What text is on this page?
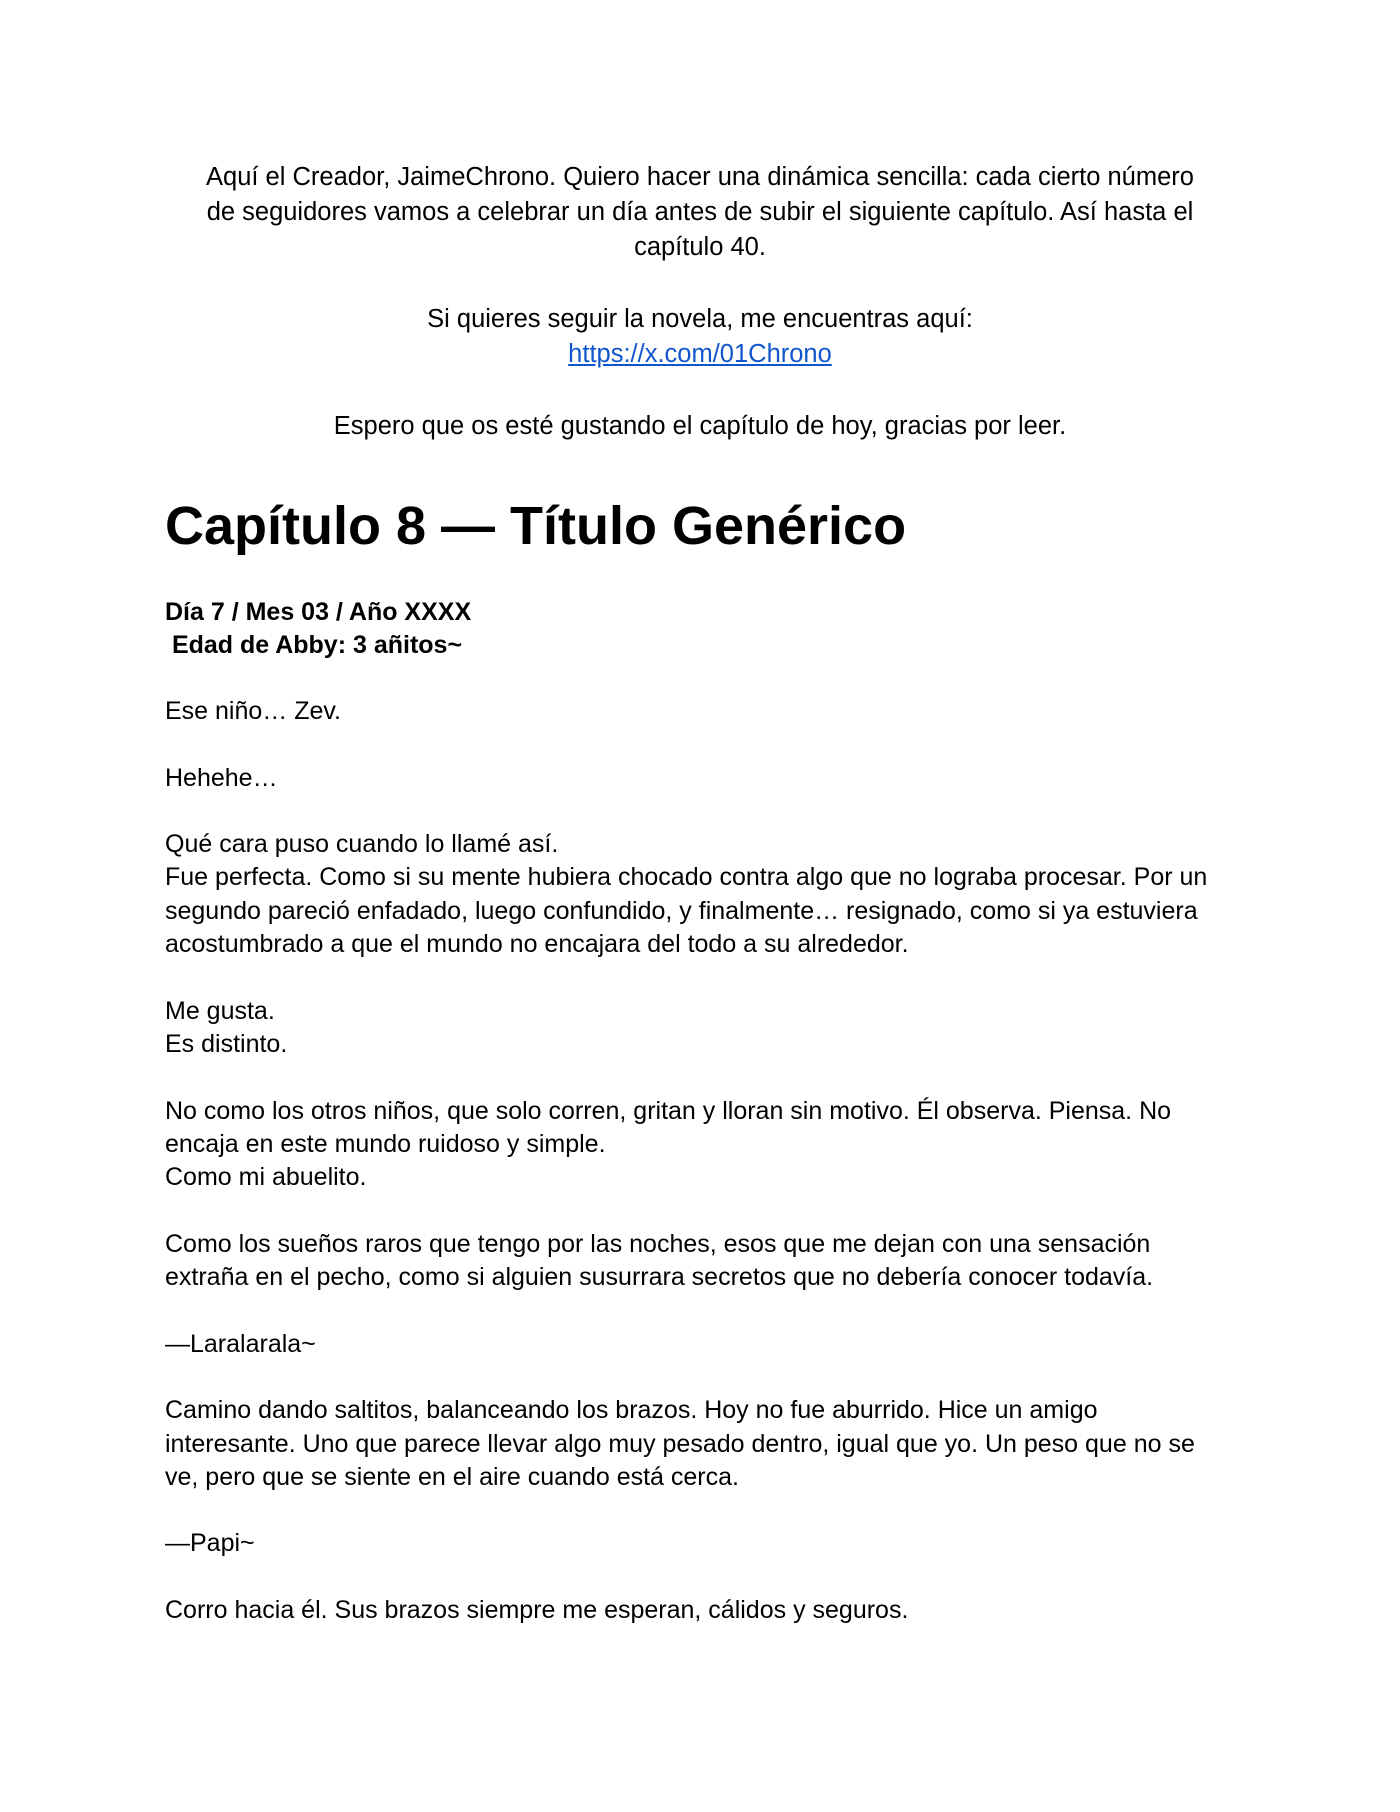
Aquí el Creador, JaimeChrono. Quiero hacer una dinámica sencilla: cada cierto número

de seguidores vamos a celebrar un día antes de subir el siguiente capítulo. Así hasta el

capítulo 40.

Si quieres seguir la novela, me encuentras aquí:

https://x.com/01Chrono

Espero que os esté gustando el capítulo de hoy, gracias por leer.

Capítulo 8 — Título Genérico
Día 7 / Mes 03 / Año XXXX
Edad de Abby: 3 añitos~

Ese niño… Zev.

Hehehe…

Qué cara puso cuando lo llamé así.
Fue perfecta. Como si su mente hubiera chocado contra algo que no lograba procesar. Por un
segundo pareció enfadado, luego confundido, y finalmente… resignado, como si ya estuviera
acostumbrado a que el mundo no encajara del todo a su alrededor.

Me gusta.
Es distinto.

No como los otros niños, que solo corren, gritan y lloran sin motivo. Él observa. Piensa. No
encaja en este mundo ruidoso y simple.
Como mi abuelito.

Como los sueños raros que tengo por las noches, esos que me dejan con una sensación
extraña en el pecho, como si alguien susurrara secretos que no debería conocer todavía.

—Laralarala~

Camino dando saltitos, balanceando los brazos. Hoy no fue aburrido. Hice un amigo
interesante. Uno que parece llevar algo muy pesado dentro, igual que yo. Un peso que no se
ve, pero que se siente en el aire cuando está cerca.

—Papi~

Corro hacia él. Sus brazos siempre me esperan, cálidos y seguros.
